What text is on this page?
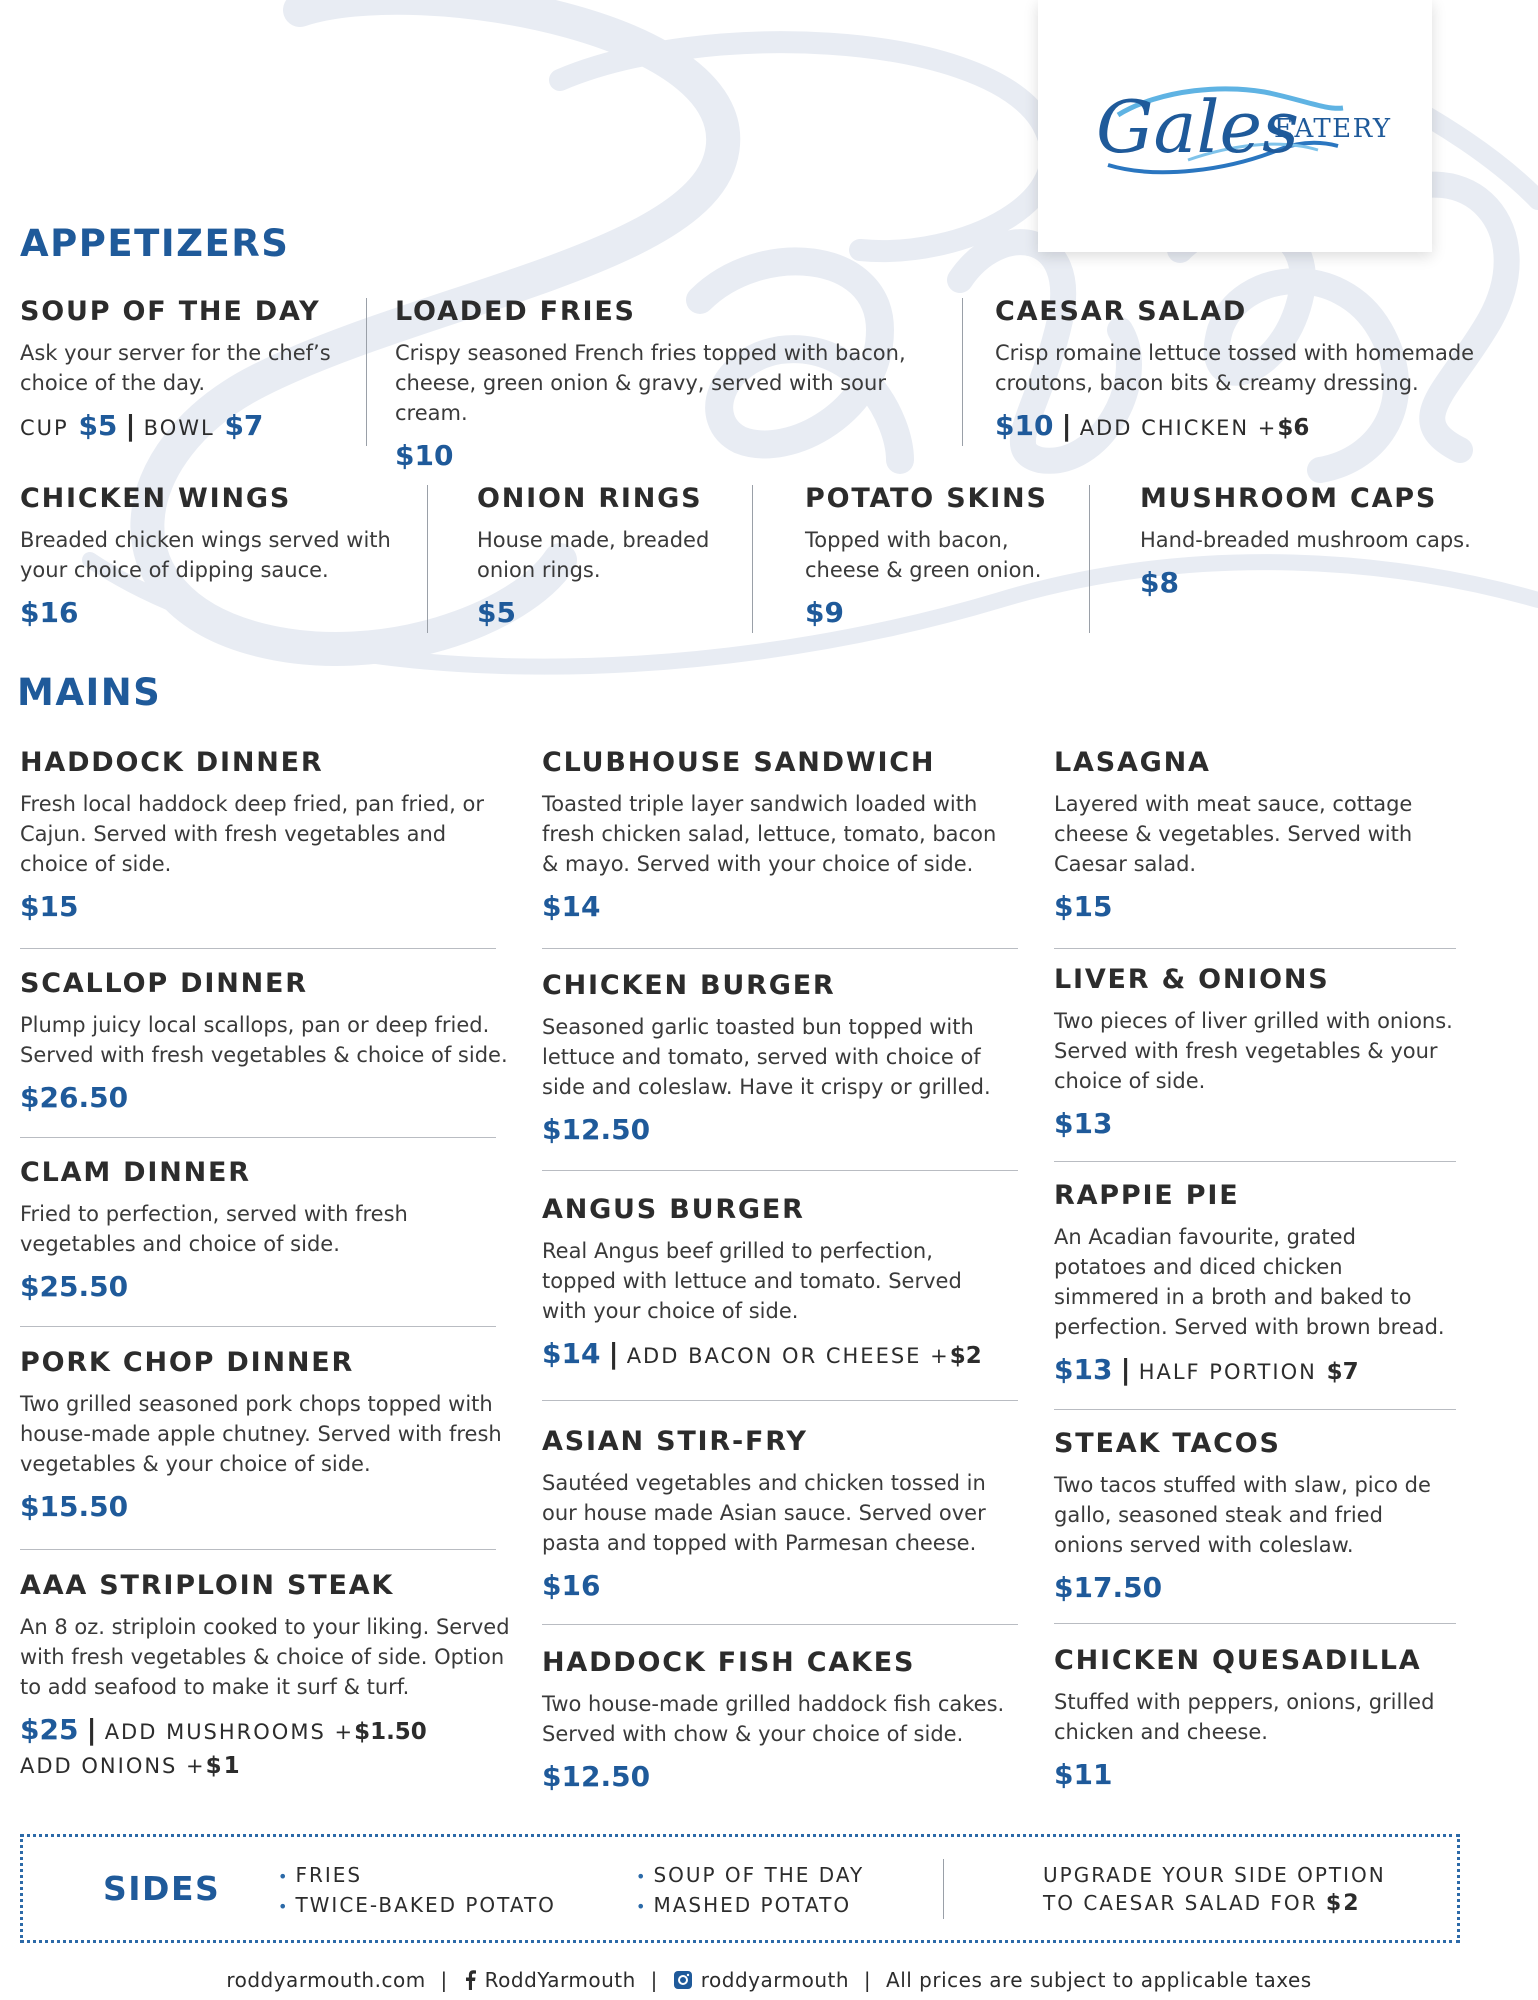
Gales
EATERY
APPETIZERS
SOUP OF THE DAY

Ask your server for the chef’s choice of the day.

CUP $5 | BOWL $7
LOADED FRIES

Crispy seasoned French fries topped with bacon, cheese, green onion & gravy, served with sour cream.

$10
CAESAR SALAD

Crisp romaine lettuce tossed with homemade croutons, bacon bits & creamy dressing.

$10 | ADD CHICKEN +$6
CHICKEN WINGS

Breaded chicken wings served with your choice of dipping sauce.

$16
ONION RINGS

House made, breaded onion rings.

$5
POTATO SKINS

Topped with bacon, cheese & green onion.

$9
MUSHROOM CAPS

Hand-breaded mushroom caps.

$8
MAINS
HADDOCK DINNER

Fresh local haddock deep fried, pan fried, or Cajun. Served with fresh vegetables and choice of side.

$15
SCALLOP DINNER

Plump juicy local scallops, pan or deep fried. Served with fresh vegetables & choice of side.

$26.50
CLAM DINNER

Fried to perfection, served with fresh vegetables and choice of side.

$25.50
PORK CHOP DINNER

Two grilled seasoned pork chops topped with house-made apple chutney. Served with fresh vegetables & your choice of side.

$15.50
AAA STRIPLOIN STEAK

An 8 oz. striploin cooked to your liking. Served with fresh vegetables & choice of side. Option to add seafood to make it surf & turf.

$25 | ADD MUSHROOMS +$1.50
ADD ONIONS +$1
CLUBHOUSE SANDWICH

Toasted triple layer sandwich loaded with fresh chicken salad, lettuce, tomato, bacon & mayo. Served with your choice of side.

$14
CHICKEN BURGER

Seasoned garlic toasted bun topped with lettuce and tomato, served with choice of side and coleslaw. Have it crispy or grilled.

$12.50
ANGUS BURGER

Real Angus beef grilled to perfection, topped with lettuce and tomato. Served with your choice of side.

$14 | ADD BACON OR CHEESE +$2
ASIAN STIR-FRY

Sautéed vegetables and chicken tossed in our house made Asian sauce. Served over pasta and topped with Parmesan cheese.

$16
HADDOCK FISH CAKES

Two house-made grilled haddock fish cakes. Served with chow & your choice of side.

$12.50
LASAGNA

Layered with meat sauce, cottage cheese & vegetables. Served with Caesar salad.

$15
LIVER & ONIONS

Two pieces of liver grilled with onions. Served with fresh vegetables & your choice of side.

$13
RAPPIE PIE

An Acadian favourite, grated potatoes and diced chicken simmered in a broth and baked to perfection. Served with brown bread.

$13 | HALF PORTION $7
STEAK TACOS

Two tacos stuffed with slaw, pico de gallo, seasoned steak and fried onions served with coleslaw.

$17.50
CHICKEN QUESADILLA

Stuffed with peppers, onions, grilled chicken and cheese.

$11
SIDES
•	FRIES
• TWICE-BAKED POTATO
• SOUP OF THE DAY
• MASHED POTATO
UPGRADE YOUR SIDE OPTION
TO CAESAR SALAD FOR $2
roddyarmouth.com | RoddYarmouth | roddyarmouth | All prices are subject to applicable taxes
